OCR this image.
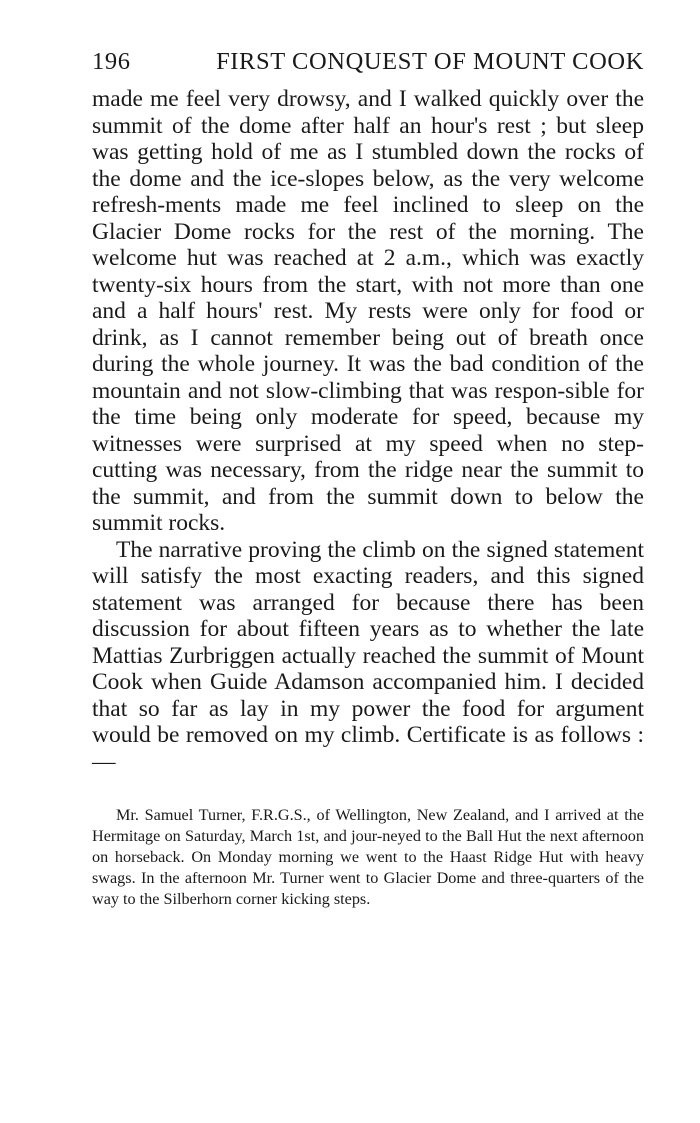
196	FIRST CONQUEST OF MOUNT COOK

made me feel very drowsy, and I walked quickly over the summit of the dome after half an hour's rest ; but sleep was getting hold of me as I stumbled down the rocks of the dome and the ice-slopes below, as the very welcome refresh-ments made me feel inclined to sleep on the Glacier Dome rocks for the rest of the morning. The welcome hut was reached at 2 a.m., which was exactly twenty-six hours from the start, with not more than one and a half hours' rest. My rests were only for food or drink, as I cannot remember being out of breath once during the whole journey. It was the bad condition of the mountain and not slow-climbing that was respon-sible for the time being only moderate for speed, because my witnesses were surprised at my speed when no step-cutting was necessary, from the ridge near the summit to the summit, and from the summit down to below the summit rocks.

The narrative proving the climb on the signed statement will satisfy the most exacting readers, and this signed statement was arranged for because there has been discussion for about fifteen years as to whether the late Mattias Zurbriggen actually reached the summit of Mount Cook when Guide Adamson accompanied him. I decided that so far as lay in my power the food for argument would be removed on my climb. Certificate is as follows :—

Mr. Samuel Turner, F.R.G.S., of Wellington, New Zealand, and I arrived at the Hermitage on Saturday, March 1st, and jour-neyed to the Ball Hut the next afternoon on horseback. On Monday morning we went to the Haast Ridge Hut with heavy swags. In the afternoon Mr. Turner went to Glacier Dome and three-quarters of the way to the Silberhorn corner kicking steps.
